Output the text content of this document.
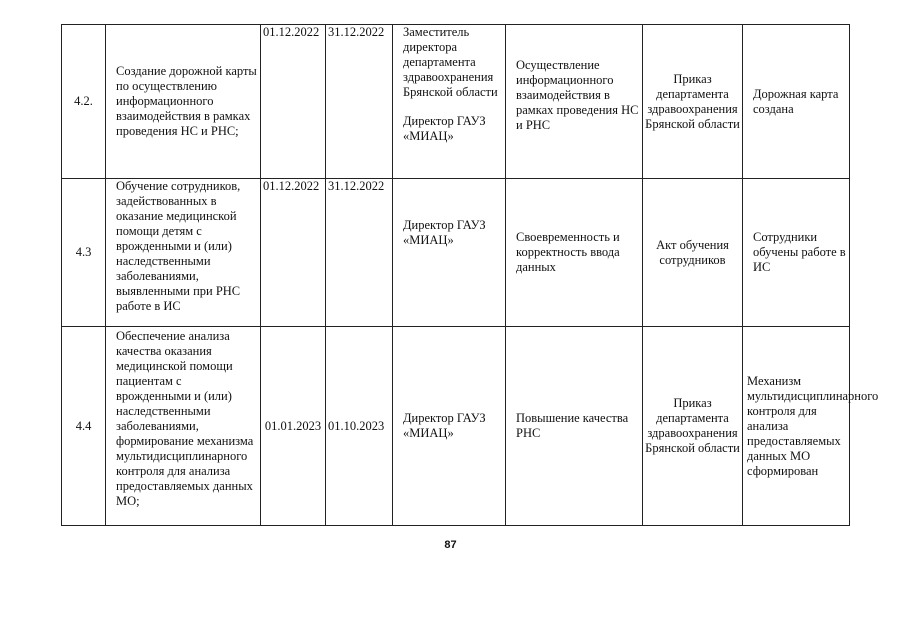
4.2.	Создание дорожной карты по осуществлению информационного взаимодействия в рамках проведения НС и РНС;	01.12.2022	31.12.2022	Заместитель директора департамента здравоохранения Брянской области
Директор ГАУЗ «МИАЦ»	Осуществление информационного взаимодействия в рамках проведения НС и РНС	Приказ департамента здравоохранения Брянской области	Дорожная карта создана
4.3	Обучение сотрудников, задействованных в оказание медицинской помощи детям с врожденными и (или) наследственными заболеваниями, выявленными при РНС работе в ИС	01.12.2022	31.12.2022	Директор ГАУЗ «МИАЦ»	Своевременность и корректность ввода данных	Акт обучения сотрудников	Сотрудники обучены работе в ИС
4.4	Обеспечение анализа качества оказания медицинской помощи пациентам с врожденными и (или) наследственными заболеваниями, формирование механизма мультидисциплинарного контроля для анализа предоставляемых данных МО;	01.01.2023	01.10.2023	Директор ГАУЗ «МИАЦ»	Повышение качества РНС	Приказ департамента здравоохранения Брянской области	Механизм мультидисциплинарного контроля для анализа предоставляемых данных МО сформирован
87
